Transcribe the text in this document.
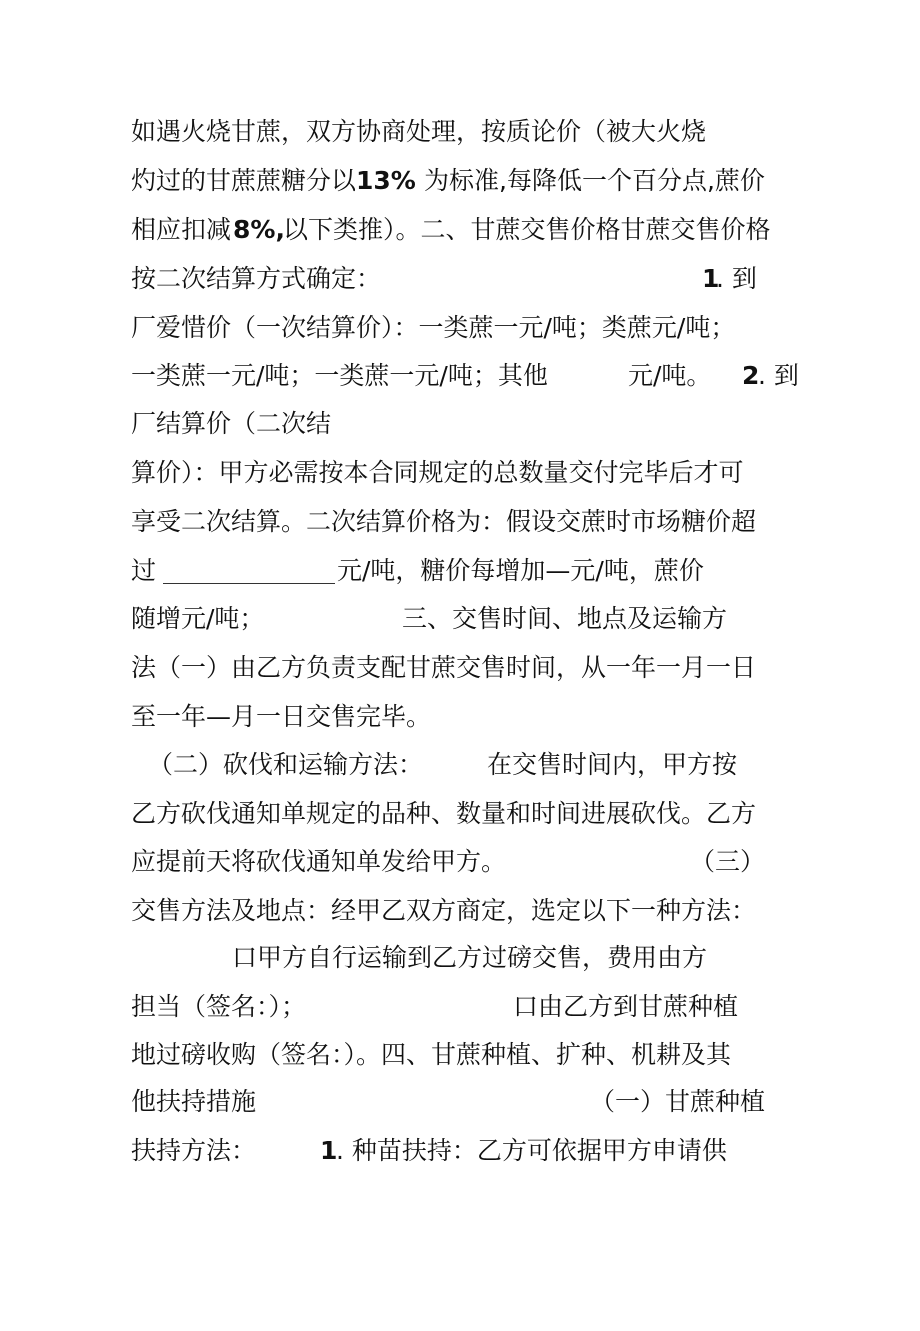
如遇火烧甘蔗，双方协商处理，按质论价（被大火烧

灼过的甘蔗蔗糖分以

13%

为标准,每降低一个百分点,蔗价

相应扣减

8%,

以下类推）。二、甘蔗交售价格甘蔗交售价格

按二次结算方式确定：

	1

. 到

厂爱惜价（一次结算价）：一类蔗一元/吨；类蔗元/吨；

一类蔗一元/吨；一类蔗一元/吨；其他

	元/吨。

2

. 到

厂结算价（二次结

算价）：甲方必需按本合同规定的总数量交付完毕后才可

享受二次结算。二次结算价格为：假设交蔗时市场糖价超

过

	元/吨，糖价每增加—元/吨，蔗价

随增元/吨；

	三、交售时间、地点及运输方

法（一）由乙方负责支配甘蔗交售时间，从一年一月一日

至一年—月一日交售完毕。

（二）砍伐和运输方法：

	在交售时间内，甲方按

乙方砍伐通知单规定的品种、数量和时间进展砍伐。乙方

应提前天将砍伐通知单发给甲方。

	（三）

交售方法及地点：经甲乙双方商定，选定以下一种方法：

口甲方自行运输到乙方过磅交售，费用由方

担当（签名：）；

	口由乙方到甘蔗种植

地过磅收购（签名：）。四、甘蔗种植、扩种、机耕及其

他扶持措施

	（一）甘蔗种植

扶持方法：

	1

. 种苗扶持：乙方可依据甲方申请供
